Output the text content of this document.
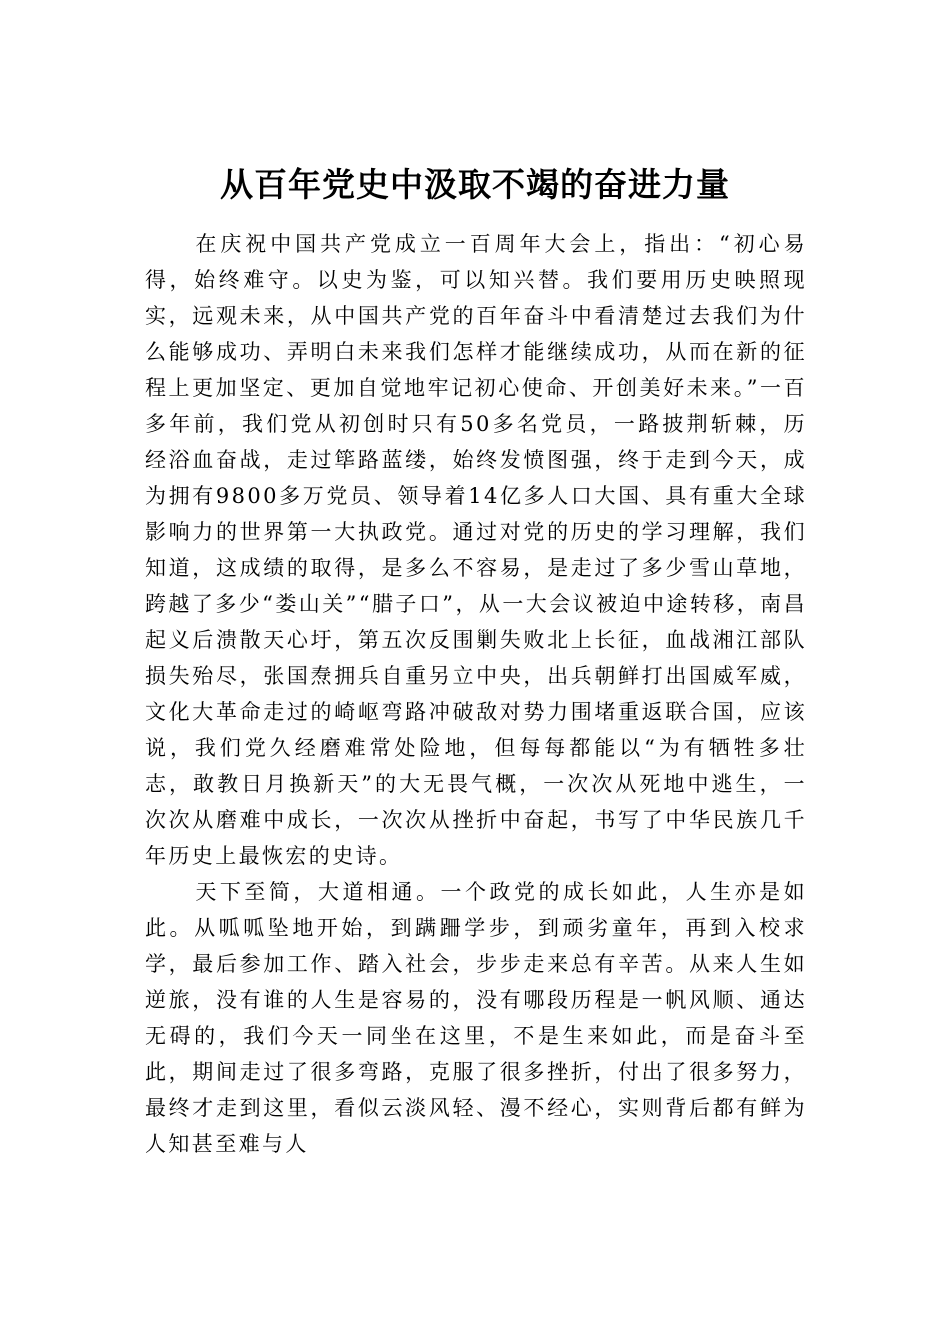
从百年党史中汲取不竭的奋进力量

在庆祝中国共产党成立一百周年大会上，指出：“初心易得，始终难守。以史为鉴，可以知兴替。我们要用历史映照现实，远观未来，从中国共产党的百年奋斗中看清楚过去我们为什么能够成功、弄明白未来我们怎样才能继续成功，从而在新的征程上更加坚定、更加自觉地牢记初心使命、开创美好未来。”一百多年前，我们党从初创时只有50多名党员，一路披荆斩棘，历经浴血奋战，走过筚路蓝缕，始终发愤图强，终于走到今天，成为拥有9800多万党员、领导着14亿多人口大国、具有重大全球影响力的世界第一大执政党。通过对党的历史的学习理解，我们知道，这成绩的取得，是多么不容易，是走过了多少雪山草地，跨越了多少“娄山关”“腊子口”，从一大会议被迫中途转移，南昌起义后溃散天心圩，第五次反围剿失败北上长征，血战湘江部队损失殆尽，张国焘拥兵自重另立中央，出兵朝鲜打出国威军威，文化大革命走过的崎岖弯路冲破敌对势力围堵重返联合国，应该说，我们党久经磨难常处险地，但每每都能以“为有牺牲多壮志，敢教日月换新天”的大无畏气概，一次次从死地中逃生，一次次从磨难中成长，一次次从挫折中奋起，书写了中华民族几千年历史上最恢宏的史诗。

天下至简，大道相通。一个政党的成长如此，人生亦是如此。从呱呱坠地开始，到蹒跚学步，到顽劣童年，再到入校求学，最后参加工作、踏入社会，步步走来总有辛苦。从来人生如逆旅，没有谁的人生是容易的，没有哪段历程是一帆风顺、通达无碍的，我们今天一同坐在这里，不是生来如此，而是奋斗至此，期间走过了很多弯路，克服了很多挫折，付出了很多努力，最终才走到这里，看似云淡风轻、漫不经心，实则背后都有鲜为人知甚至难与人
